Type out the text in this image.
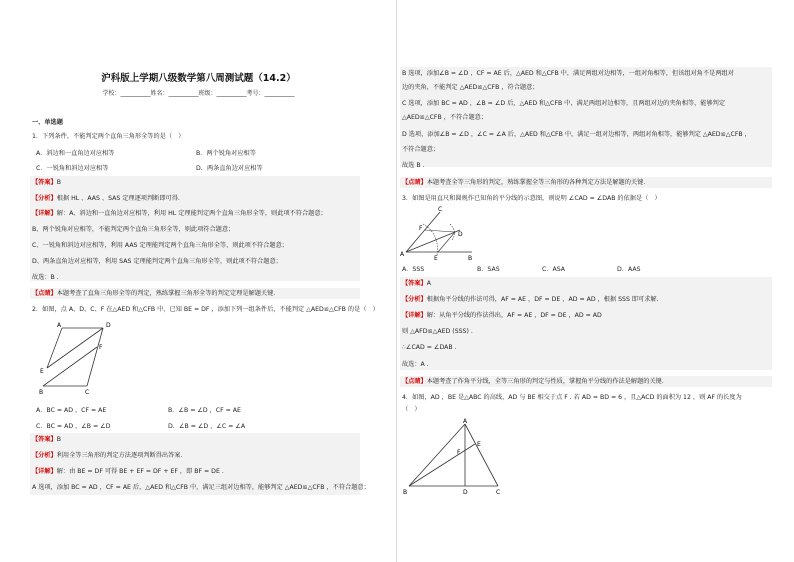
沪科版上学期八级数学第八周测试题（14.2）
学校：__________姓名：__________班级：__________考号：__________
一、单选题
1．下列条件，不能判定两个直角三角形全等的是（　）
A．斜边和一直角边对应相等	B．两个锐角对应相等
C．一锐角和斜边对应相等	D．两条直角边对应相等
【答案】B
【分析】根据 HL 、AAS 、SAS 定理逐项判断即可得.
【详解】解：A、斜边和一直角边对应相等，利用 HL 定理能判定两个直角三角形全等，则此项不符合题意；
B、两个锐角对应相等，不能判定两个直角三角形全等，则此项符合题意；
C、一锐角和斜边对应相等，利用 AAS 定理能判定两个直角三角形全等，则此项不符合题意；
D、两条直角边对应相等，利用 SAS 定理能判定两个直角三角形全等，则此项不符合题意；
故选：B .
【点睛】本题考查了直角三角形全等的判定，熟练掌握三角形全等的判定定理是解题关键.
2．如图，点 A、D、C、F 在△AED 和△CFB 中，已知 BE = DF ，添加下列一组条件后，不能判定 △AED≌△CFB 的是（　）
A	D
F
E
B	C
A．BC = AD ，CF = AE	B．∠B = ∠D ，CF = AE
C．BC = AD ，∠B = ∠D	D．∠B = ∠D ，∠C = ∠A
【答案】B
【分析】利用全等三角形的判定方法逐项判断得出答案.
【详解】解：由 BE = DF 可得 BE + EF = DF + EF ，即 BF = DE .
A 选项，添加 BC = AD ，CF = AE 后，△AED 和△CFB 中，满足三组对边相等，能够判定 △AED≌△CFB ，不符合题意；
B 选项，添加∠B = ∠D ，CF = AE 后，△AED 和△CFB 中，满足两组对边相等，一组对角相等，但该组对角不是两组对
边的夹角，不能判定 △AED≌△CFB ，符合题意；
C 选项，添加 BC = AD ，∠B = ∠D 后，△AED 和△CFB 中，满足两组对边相等，且两组对边的夹角相等，能够判定
△AED≌△CFB ，不符合题意；
D 选项，添加∠B = ∠D ，∠C = ∠A 后，△AED 和△CFB 中，满足一组对边相等，两组对角相等，能够判定 △AED≌△CFB ，
不符合题意；
故选 B .
【点睛】本题考查全等三角形的判定，熟练掌握全等三角形的各种判定方法是解题的关键.
3．如图是用直尺和圆规作已知角的平分线的示意图，则说明 ∠CAD = ∠DAB 的依据是（　）
C
F
D
A
E	B
A．SSS	B．SAS	C．ASA	D．AAS
【答案】A
【分析】根据角平分线的作法可得，AF = AE ，DF = DE ，AD = AD ，根据 SSS 即可求解.
【详解】解：从角平分线的作法得出，AF = AE ，DF = DE ，AD = AD
则 △AFD≌△AED (SSS) .
∴∠CAD = ∠DAB .
故选：A .
【点睛】本题考查了作角平分线，全等三角形的判定与性质，掌握角平分线的作法是解题的关键.
4．如图，AD ，BE 是△ABC 的高线，AD 与 BE 相交于点 F . 若 AD = BD = 6 ，且△ACD 的面积为 12 ，则 AF 的长度为
（　）
A
E
F
B	D	C
